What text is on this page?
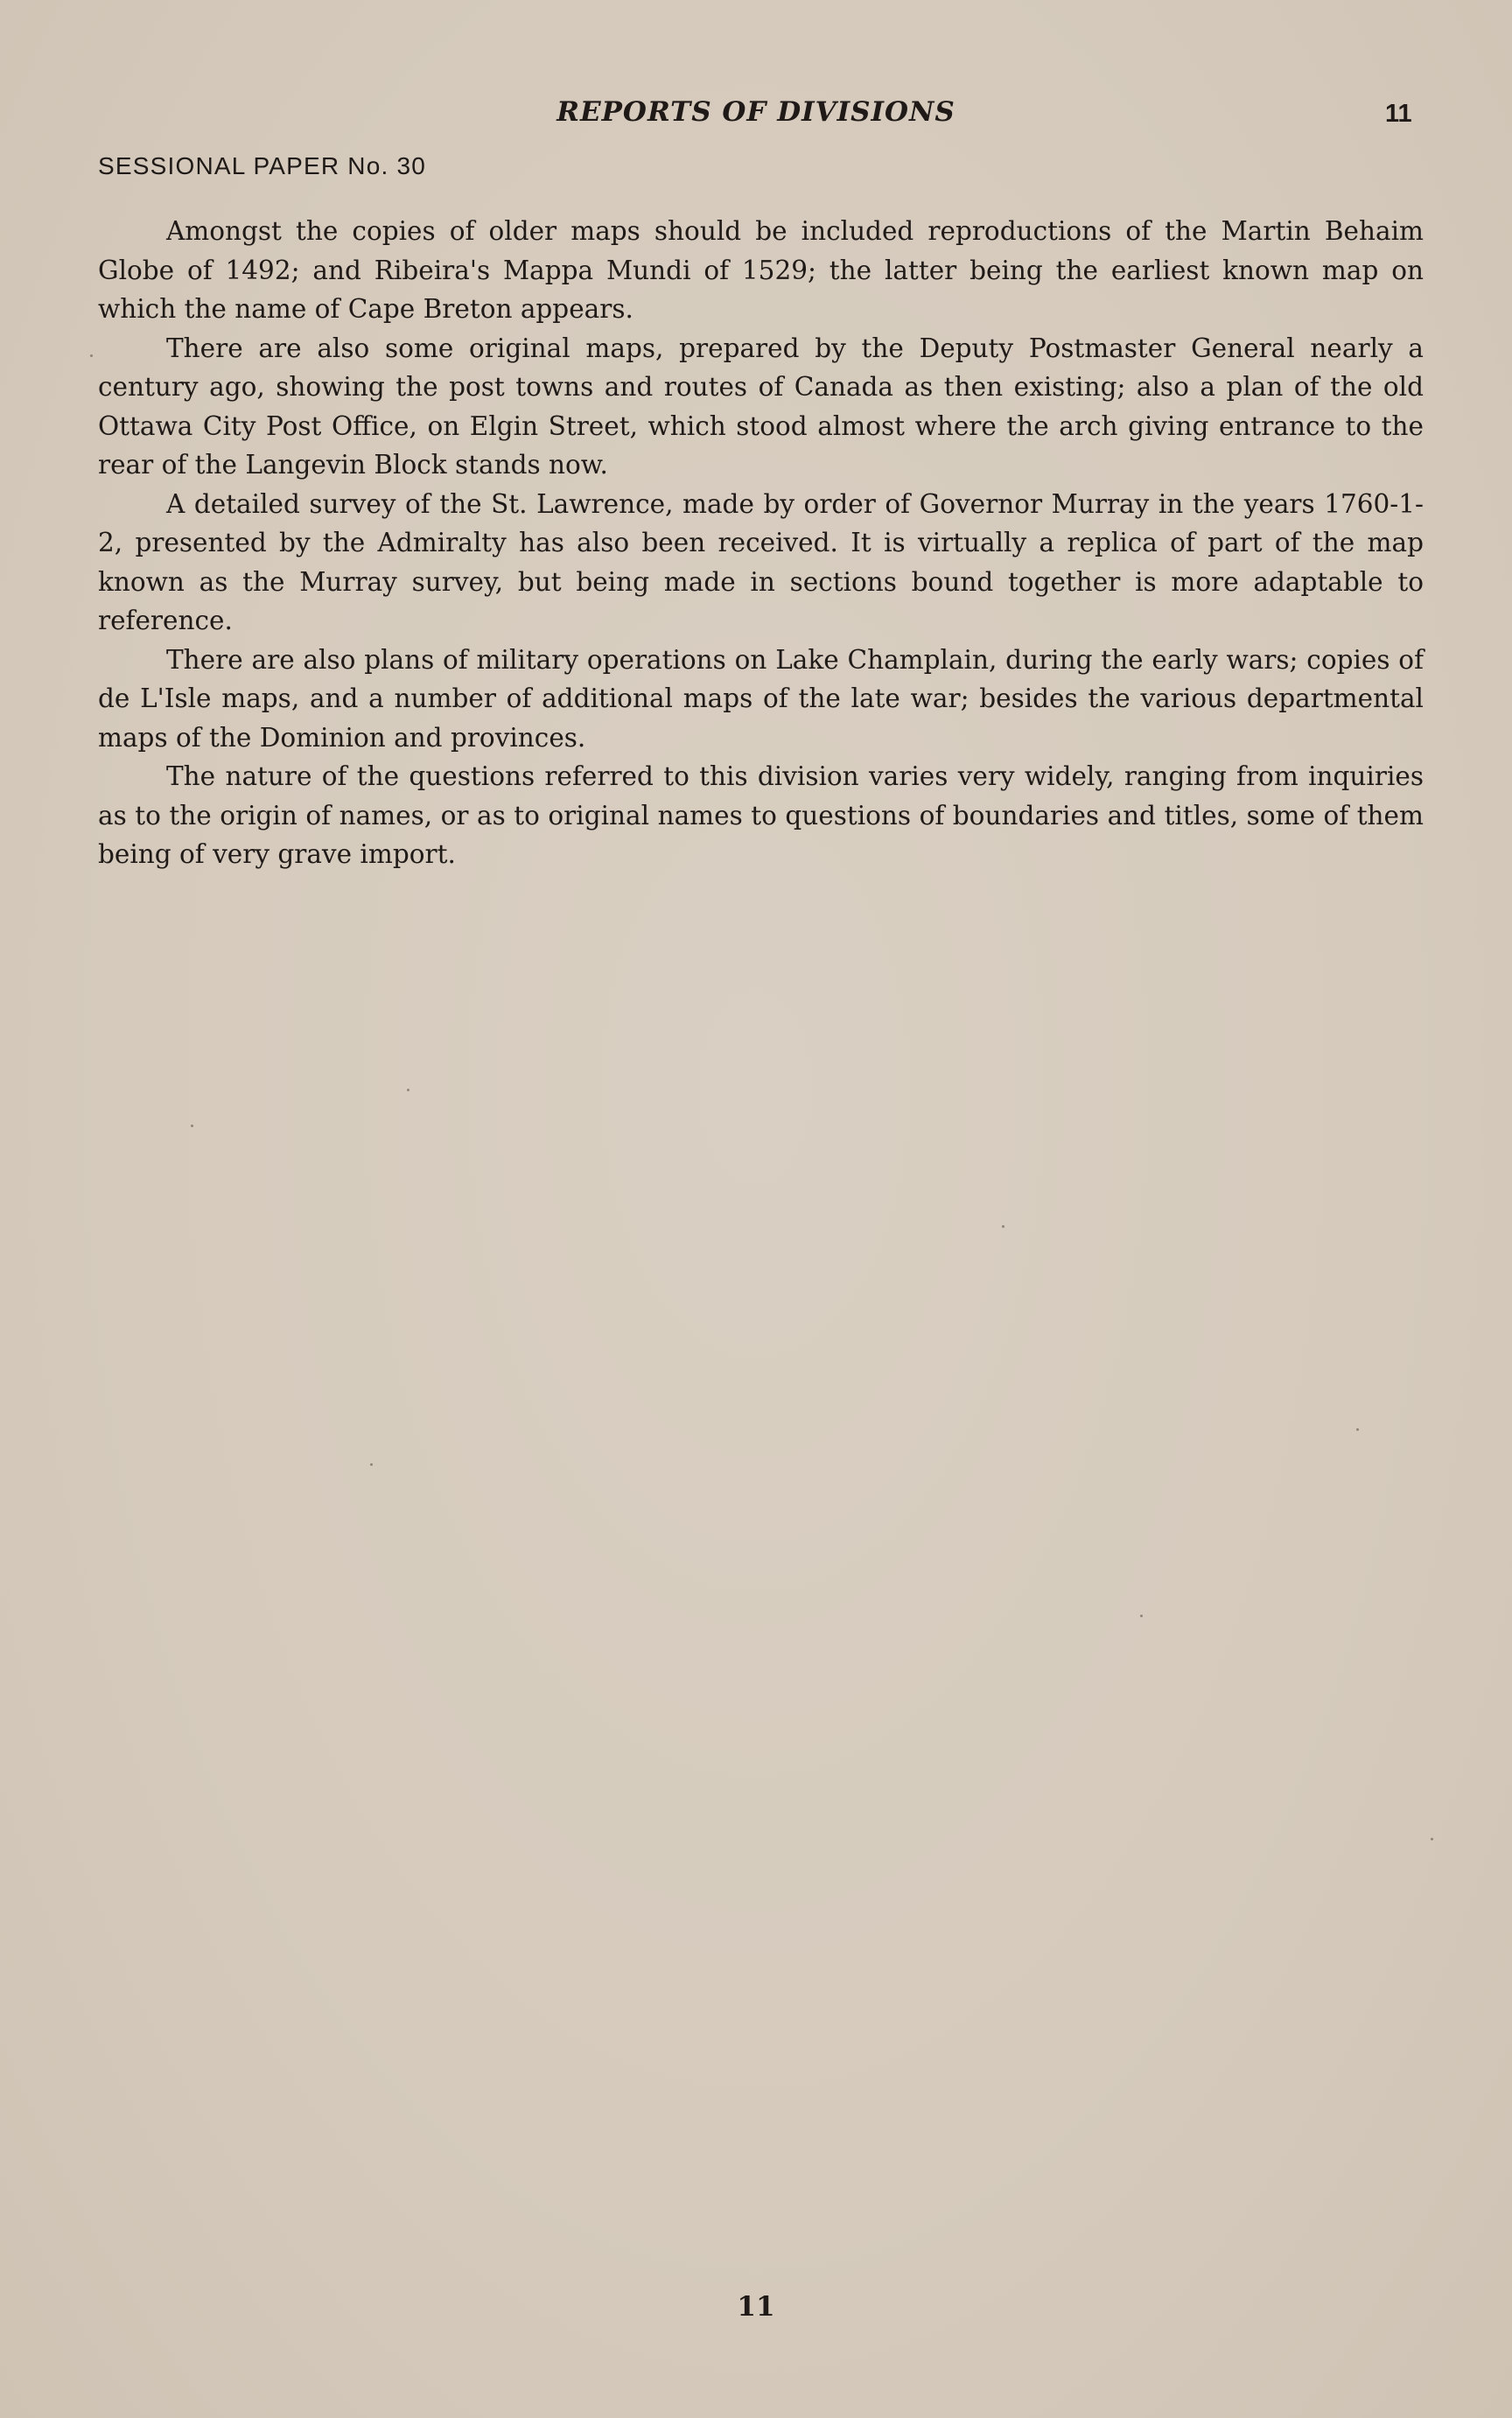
REPORTS OF DIVISIONS	11
SESSIONAL PAPER No. 30

Amongst the copies of older maps should be included reproductions of the Martin Behaim Globe of 1492; and Ribeira's Mappa Mundi of 1529; the latter being the earliest known map on which the name of Cape Breton appears.

There are also some original maps, prepared by the Deputy Postmaster General nearly a century ago, showing the post towns and routes of Canada as then existing; also a plan of the old Ottawa City Post Office, on Elgin Street, which stood almost where the arch giving entrance to the rear of the Langevin Block stands now.

A detailed survey of the St. Lawrence, made by order of Governor Murray in the years 1760-1-2, presented by the Admiralty has also been received. It is virtually a replica of part of the map known as the Murray survey, but being made in sections bound together is more adaptable to reference.

There are also plans of military operations on Lake Champlain, during the early wars; copies of de L'Isle maps, and a number of additional maps of the late war; besides the various departmental maps of the Dominion and provinces.

The nature of the questions referred to this division varies very widely, ranging from inquiries as to the origin of names, or as to original names to questions of boundaries and titles, some of them being of very grave import.

11
